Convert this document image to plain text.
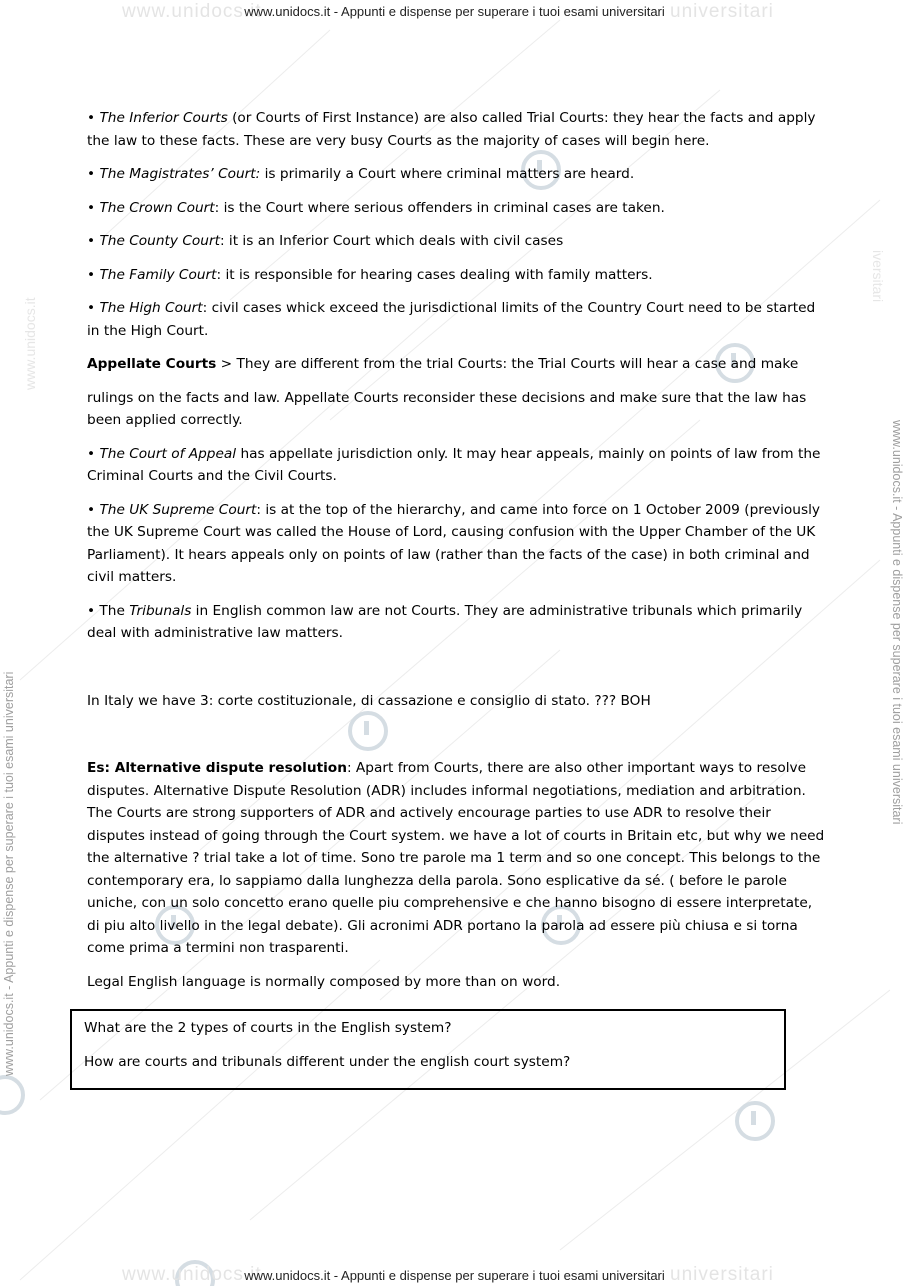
www.unidocs.it	universitari
www.unidocs.it	universitari
www.unidocs.it - Appunti e dispense per superare i tuoi esami universitari
www.unidocs.it - Appunti e dispense per superare i tuoi esami universitari
www.unidocs.it - Appunti e dispense per superare i tuoi esami universitari
www.unidocs.it - Appunti e dispense per superare i tuoi esami universitari
www.unidocs.it
iversitari

• The Inferior Courts (or Courts of First Instance) are also called Trial Courts: they hear the facts and apply the law to these facts. These are very busy Courts as the majority of cases will begin here.

• The Magistrates’ Court: is primarily a Court where criminal matters are heard.

• The Crown Court: is the Court where serious offenders in criminal cases are taken.

• The County Court: it is an Inferior Court which deals with civil cases

• The Family Court: it is responsible for hearing cases dealing with family matters.

• The High Court: civil cases whick exceed the jurisdictional limits of the Country Court need to be started in the High Court.

Appellate Courts > They are different from the trial Courts: the Trial Courts will hear a case and make

rulings on the facts and law. Appellate Courts reconsider these decisions and make sure that the law has been applied correctly.

• The Court of Appeal has appellate jurisdiction only. It may hear appeals, mainly on points of law from the Criminal Courts and the Civil Courts.

• The UK Supreme Court: is at the top of the hierarchy, and came into force on 1 October 2009 (previously the UK Supreme Court was called the House of Lord, causing confusion with the Upper Chamber of the UK Parliament). It hears appeals only on points of law (rather than the facts of the case) in both criminal and civil matters.

• The Tribunals in English common law are not Courts. They are administrative tribunals which primarily deal with administrative law matters.

In Italy we have 3: corte costituzionale, di cassazione e consiglio di stato. ??? BOH

Es: Alternative dispute resolution: Apart from Courts, there are also other important ways to resolve disputes. Alternative Dispute Resolution (ADR) includes informal negotiations, mediation and arbitration. The Courts are strong supporters of ADR and actively encourage parties to use ADR to resolve their disputes instead of going through the Court system. we have a lot of courts in Britain etc, but why we need the alternative ? trial take a lot of time. Sono tre parole ma 1 term and so one concept. This belongs to the contemporary era, lo sappiamo dalla lunghezza della parola. Sono esplicative da sé. ( before le parole uniche, con un solo concetto erano quelle piu comprehensive e che hanno bisogno di essere interpretate, di piu alto livello in the legal debate). Gli acronimi ADR portano la parola ad essere più chiusa e si torna come prima a termini non trasparenti.

Legal English language is normally composed by more than on word.

What are the 2 types of courts in the English system?

How are courts and tribunals different under the english court system?
